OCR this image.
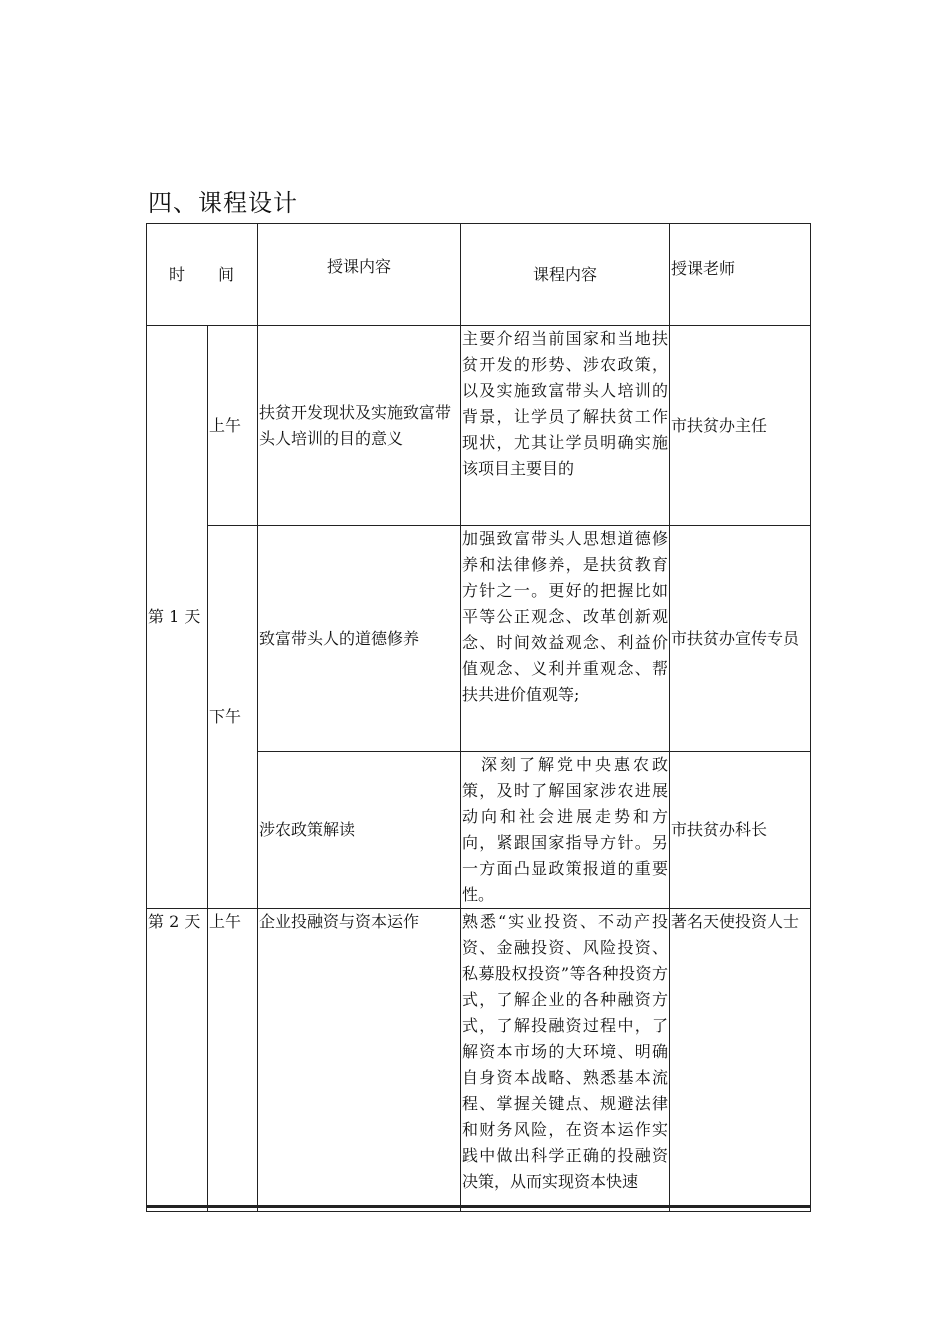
四、课程设计
时 间		授课内容	课程内容	授课老师
第 1 天	上午	扶贫开发现状及实施致富带头人培训的目的意义	主要介绍当前国家和当地扶贫开发的形势、涉农政策，以及实施致富带头人培训的背景，让学员了解扶贫工作现状，尤其让学员明确实施该项目主要目的	市扶贫办主任
	下午	致富带头人的道德修养	加强致富带头人思想道德修养和法律修养，是扶贫教育方针之一。更好的把握比如平等公正观念、改革创新观念、时间效益观念、利益价值观念、义利并重观念、帮扶共进价值观等;	市扶贫办宣传专员
		涉农政策解读	　深刻了解党中央惠农政策，及时了解国家涉农进展动向和社会进展走势和方向，紧跟国家指导方针。另一方面凸显政策报道的重要性。	市扶贫办科长
第 2 天	上午	企业投融资与资本运作	熟悉“实业投资、不动产投资、金融投资、风险投资、私募股权投资”等各种投资方式，了解企业的各种融资方式，了解投融资过程中，了解资本市场的大环境、明确自身资本战略、熟悉基本流程、掌握关键点、规避法律和财务风险，在资本运作实践中做出科学正确的投融资决策，从而实现资本快速	著名天使投资人士
